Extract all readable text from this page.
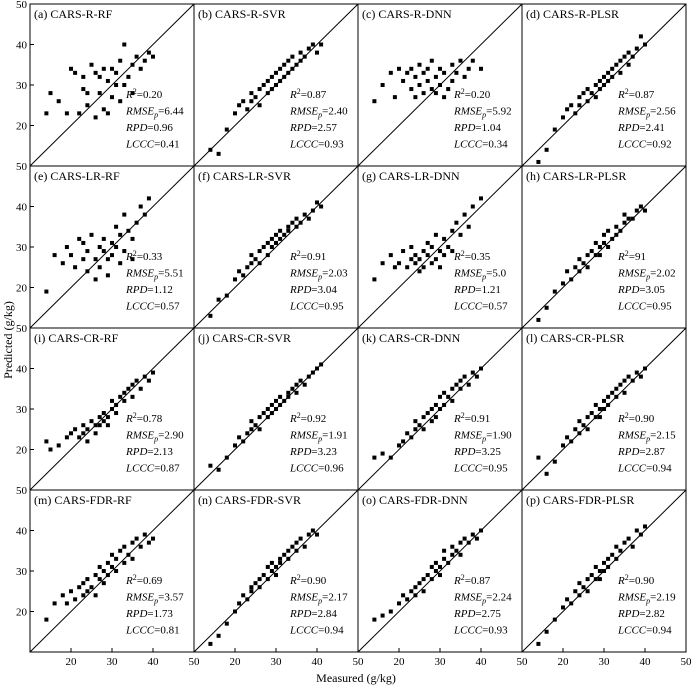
(a) CARS-R-RF
$R^2=0.20$
$RMSE_p=6.44$
RPD=0.96
LCCC=0.41
20
30
40
50
(b) CARS-R-SVR
$R^2=0.87$
$RMSE_p=2.40$
RPD=2.57
LCCC=0.93
(c) CARS-R-DNN
$R^2=0.20$
$RMSE_p=5.92$
RPD=1.04
LCCC=0.34
(d) CARS-R-PLSR
$R^2=0.87$
$RMSE_p=2.56$
RPD=2.41
LCCC=0.92
(e) CARS-LR-RF
$R^2=0.33$
$RMSE_p=5.51$
RPD=1.12
LCCC=0.57
20
30
40
50
(f) CARS-LR-SVR
$R^2=0.91$
$RMSE_p=2.03$
RPD=3.04
LCCC=0.95
(g) CARS-LR-DNN
$R^2=0.35$
$RMSE_p=5.0$
RPD=1.21
LCCC=0.57
(h) CARS-LR-PLSR
$R^2=91$
$RMSE_p=2.02$
RPD=3.05
LCCC=0.95
(i) CARS-CR-RF
$R^2=0.78$
$RMSE_p=2.90$
RPD=2.13
LCCC=0.87
20
30
40
50
(j) CARS-CR-SVR
$R^2=0.92$
$RMSE_p=1.91$
RPD=3.23
LCCC=0.96
(k) CARS-CR-DNN
$R^2=0.91$
$RMSE_p=1.90$
RPD=3.25
LCCC=0.95
(l) CARS-CR-PLSR
$R^2=0.90$
$RMSE_p=2.15$
RPD=2.87
LCCC=0.94
(m) CARS-FDR-RF
$R^2=0.69$
$RMSE_p=3.57$
RPD=1.73
LCCC=0.81
20
30
40
50
20	30	40	50
(n) CARS-FDR-SVR
$R^2=0.90$
$RMSE_p=2.17$
RPD=2.84
LCCC=0.94
20	30	40	50
(o) CARS-FDR-DNN
$R^2=0.87$
$RMSE_p=2.24$
RPD=2.75
LCCC=0.93
20	30	40	50
(p) CARS-FDR-PLSR
$R^2=0.90$
$RMSE_p=2.19$
RPD=2.82
LCCC=0.94
20	30	40	50
Measured (g/kg)
Predicted (g/kg)
